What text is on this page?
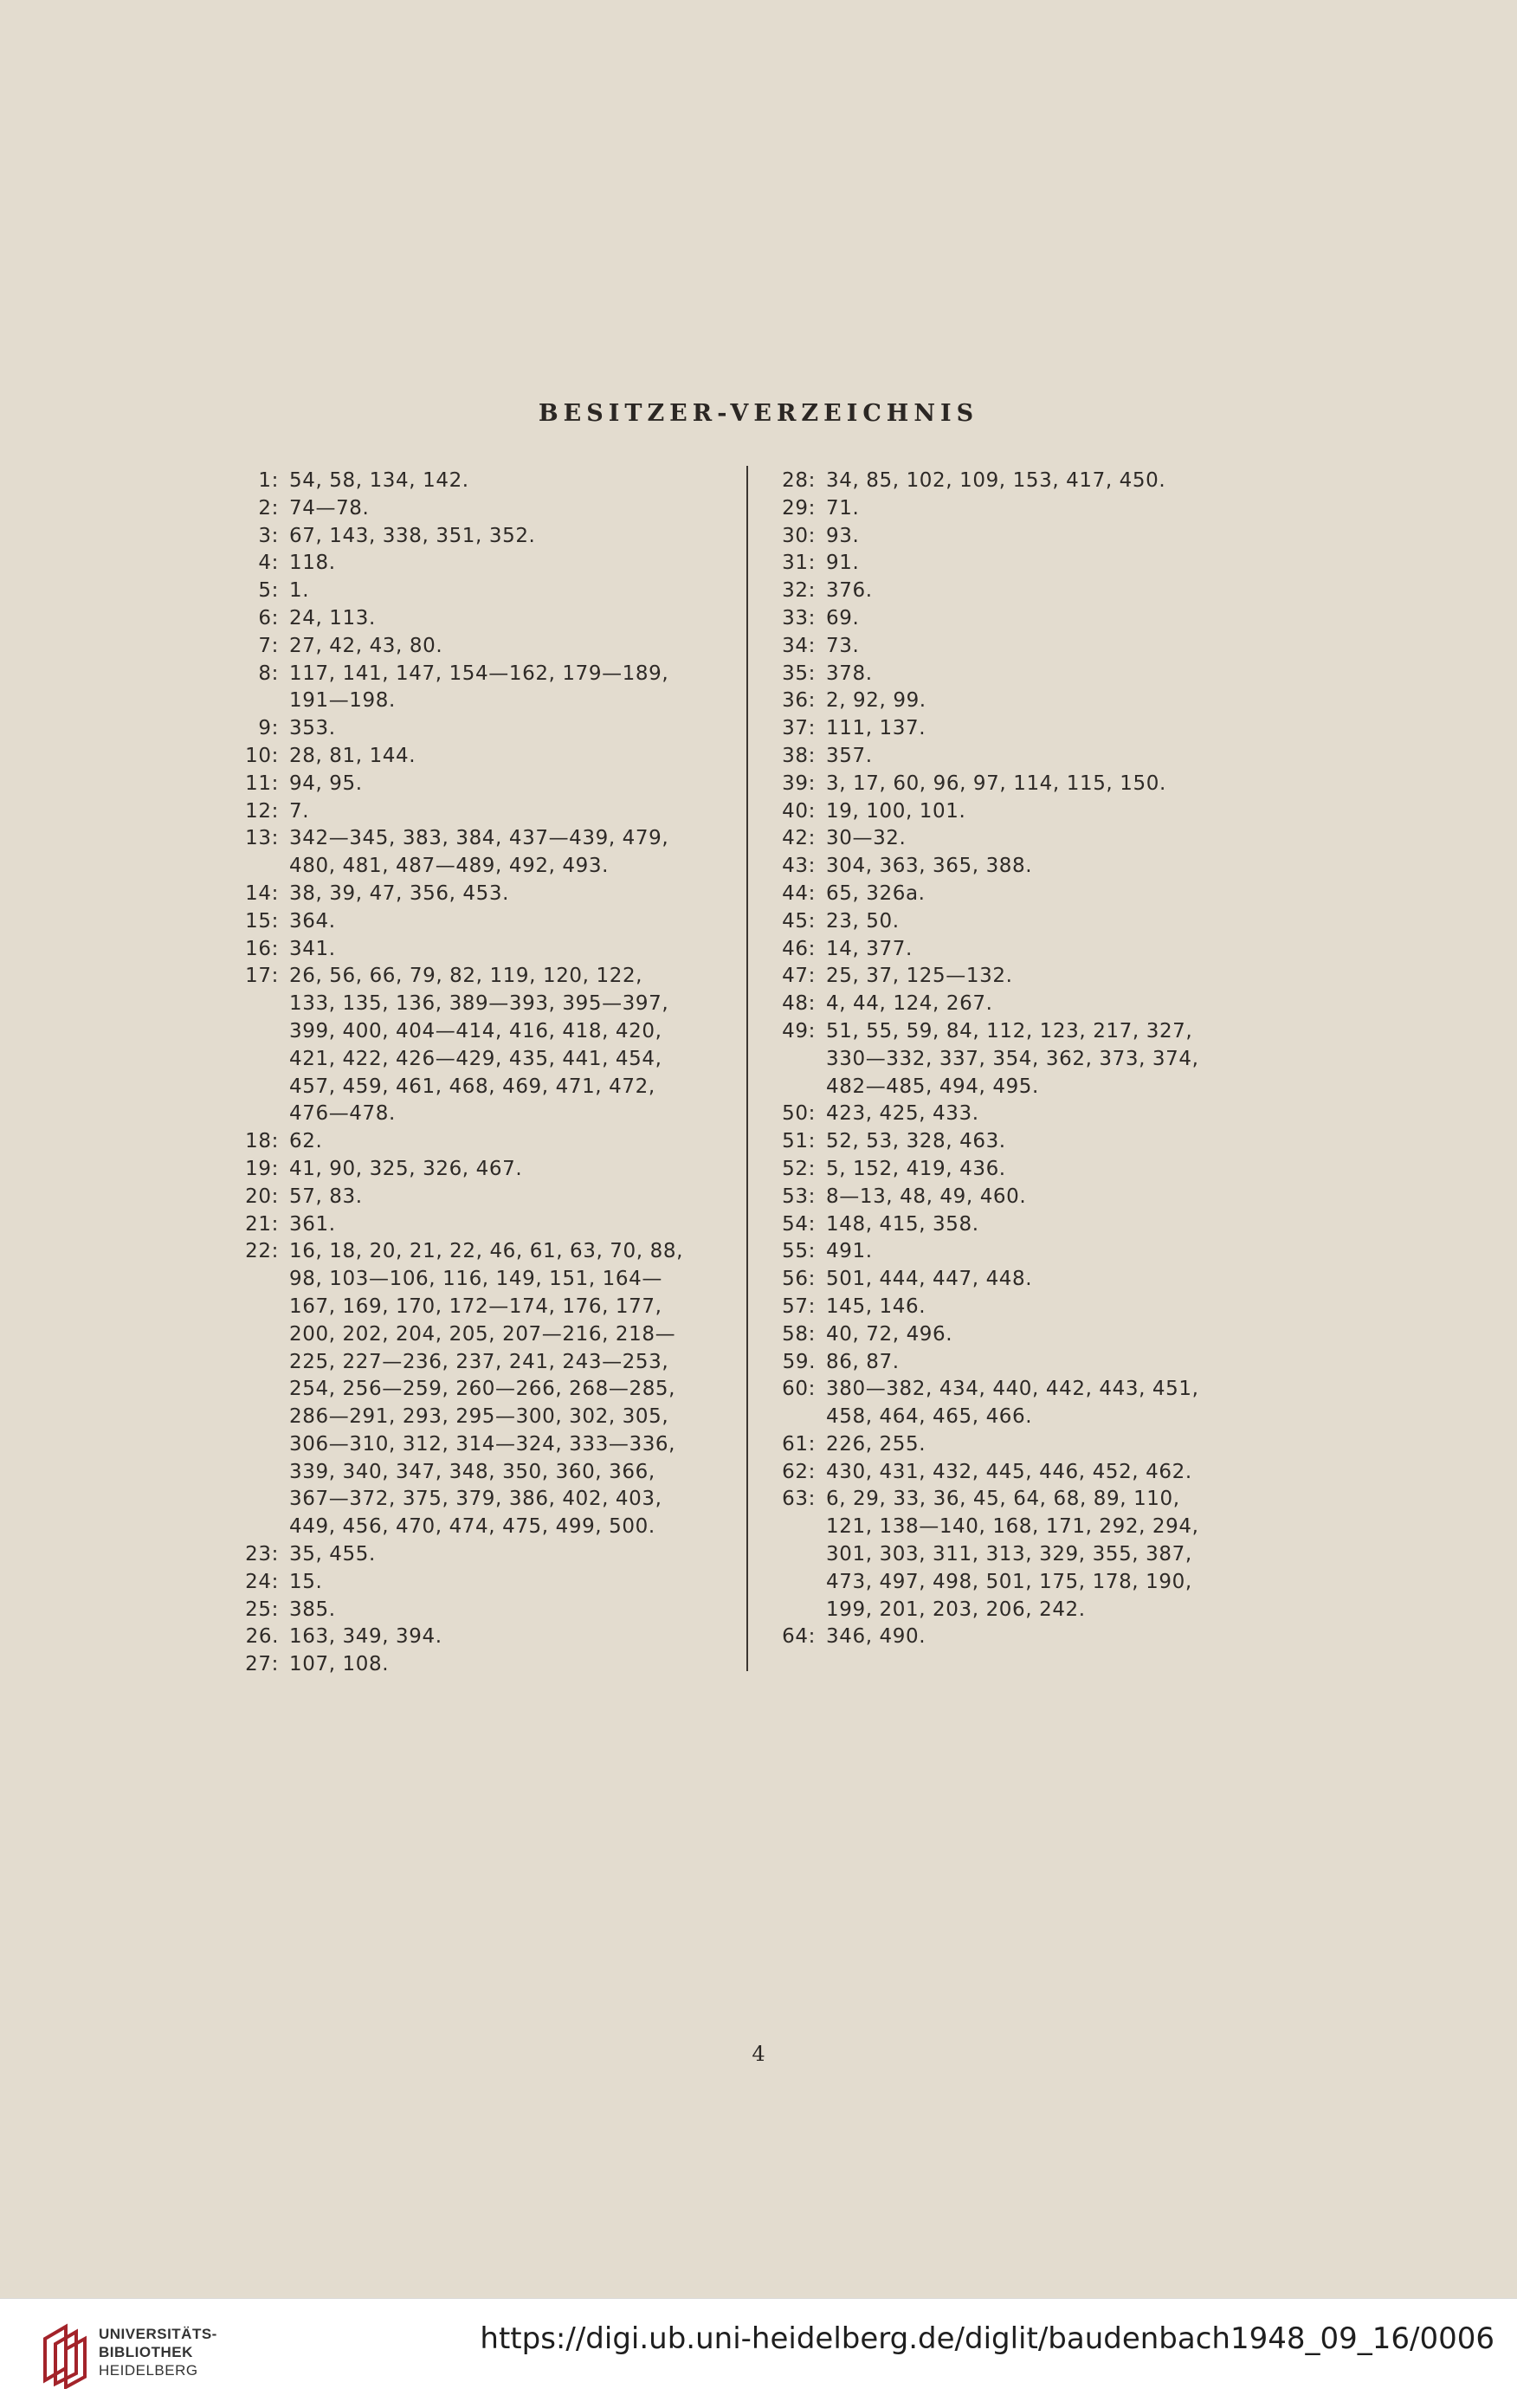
BESITZER-VERZEICHNIS
1: 54, 58, 134, 142.
2: 74—78.
3: 67, 143, 338, 351, 352.
4: 118.
5: 1.
6: 24, 113.
7: 27, 42, 43, 80.
8: 117, 141, 147, 154—162, 179—189,
191—198.
9: 353.
10: 28, 81, 144.
11: 94, 95.
12: 7.
13: 342—345, 383, 384, 437—439, 479,
480, 481, 487—489, 492, 493.
14: 38, 39, 47, 356, 453.
15: 364.
16: 341.
17: 26, 56, 66, 79, 82, 119, 120, 122,
133, 135, 136, 389—393, 395—397,
399, 400, 404—414, 416, 418, 420,
421, 422, 426—429, 435, 441, 454,
457, 459, 461, 468, 469, 471, 472,
476—478.
18: 62.
19: 41, 90, 325, 326, 467.
20: 57, 83.
21: 361.
22: 16, 18, 20, 21, 22, 46, 61, 63, 70, 88,
98, 103—106, 116, 149, 151, 164—
167, 169, 170, 172—174, 176, 177,
200, 202, 204, 205, 207—216, 218—
225, 227—236, 237, 241, 243—253,
254, 256—259, 260—266, 268—285,
286—291, 293, 295—300, 302, 305,
306—310, 312, 314—324, 333—336,
339, 340, 347, 348, 350, 360, 366,
367—372, 375, 379, 386, 402, 403,
449, 456, 470, 474, 475, 499, 500.
23: 35, 455.
24: 15.
25: 385.
26. 163, 349, 394.
27: 107, 108.
28: 34, 85, 102, 109, 153, 417, 450.
29: 71.
30: 93.
31: 91.
32: 376.
33: 69.
34: 73.
35: 378.
36: 2, 92, 99.
37: 111, 137.
38: 357.
39: 3, 17, 60, 96, 97, 114, 115, 150.
40: 19, 100, 101.
42: 30—32.
43: 304, 363, 365, 388.
44: 65, 326a.
45: 23, 50.
46: 14, 377.
47: 25, 37, 125—132.
48: 4, 44, 124, 267.
49: 51, 55, 59, 84, 112, 123, 217, 327,
330—332, 337, 354, 362, 373, 374,
482—485, 494, 495.
50: 423, 425, 433.
51: 52, 53, 328, 463.
52: 5, 152, 419, 436.
53: 8—13, 48, 49, 460.
54: 148, 415, 358.
55: 491.
56: 501, 444, 447, 448.
57: 145, 146.
58: 40, 72, 496.
59. 86, 87.
60: 380—382, 434, 440, 442, 443, 451,
458, 464, 465, 466.
61: 226, 255.
62: 430, 431, 432, 445, 446, 452, 462.
63: 6, 29, 33, 36, 45, 64, 68, 89, 110,
121, 138—140, 168, 171, 292, 294,
301, 303, 311, 313, 329, 355, 387,
473, 497, 498, 501, 175, 178, 190,
199, 201, 203, 206, 242.
64: 346, 490.
4
UNIVERSITÄTS-
BIBLIOTHEK
HEIDELBERG
https://digi.ub.uni-heidelberg.de/diglit/baudenbach1948_09_16/0006
